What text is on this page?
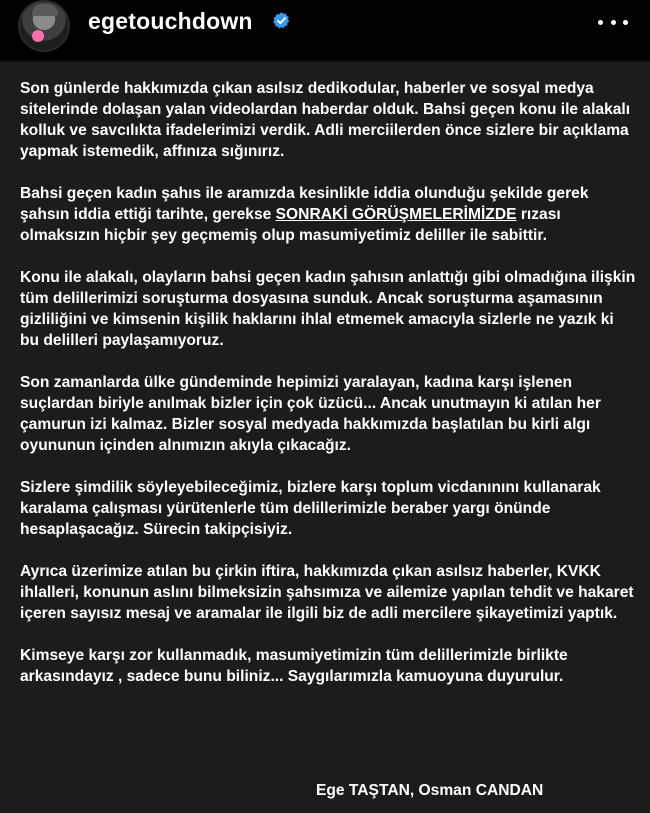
egetouchdown

Son günlerde hakkımızda çıkan asılsız dedikodular, haberler ve sosyal medya sitelerinde dolaşan yalan videolardan haberdar olduk. Bahsi geçen konu ile alakalı kolluk ve savcılıkta ifadelerimizi verdik. Adli merciilerden önce sizlere bir açıklama yapmak istemedik, affınıza sığınırız.

Bahsi geçen kadın şahıs ile aramızda kesinlikle iddia olunduğu şekilde gerek şahsın iddia ettiği tarihte, gerekse SONRAKİ GÖRÜŞMELERİMİZDE rızası olmaksızın hiçbir şey geçmemiş olup masumiyetimiz deliller ile sabittir.

Konu ile alakalı, olayların bahsi geçen kadın şahısın anlattığı gibi olmadığına ilişkin tüm delillerimizi soruşturma dosyasına sunduk. Ancak soruşturma aşamasının gizliliğini ve kimsenin kişilik haklarını ihlal etmemek amacıyla sizlerle ne yazık ki bu delilleri paylaşamıyoruz.

Son zamanlarda ülke gündeminde hepimizi yaralayan, kadına karşı işlenen suçlardan biriyle anılmak bizler için çok üzücü... Ancak unutmayın ki atılan her çamurun izi kalmaz. Bizler sosyal medyada hakkımızda başlatılan bu kirli algı oyununun içinden alnımızın akıyla çıkacağız.

Sizlere şimdilik söyleyebileceğimiz, bizlere karşı toplum vicdanınını kullanarak karalama çalışması yürütenlerle tüm delillerimizle beraber yargı önünde hesaplaşacağız. Sürecin takipçisiyiz.

Ayrıca üzerimize atılan bu çirkin iftira, hakkımızda çıkan asılsız haberler, KVKK ihlalleri, konunun aslını bilmeksizin şahsımıza ve ailemize yapılan tehdit ve hakaret içeren sayısız mesaj ve aramalar ile ilgili biz de adli mercilere şikayetimizi yaptık.

Kimseye karşı zor kullanmadık, masumiyetimizin tüm delillerimizle birlikte arkasındayız , sadece bunu biliniz... Saygılarımızla kamuoyuna duyurulur.

Ege TAŞTAN, Osman CANDAN
